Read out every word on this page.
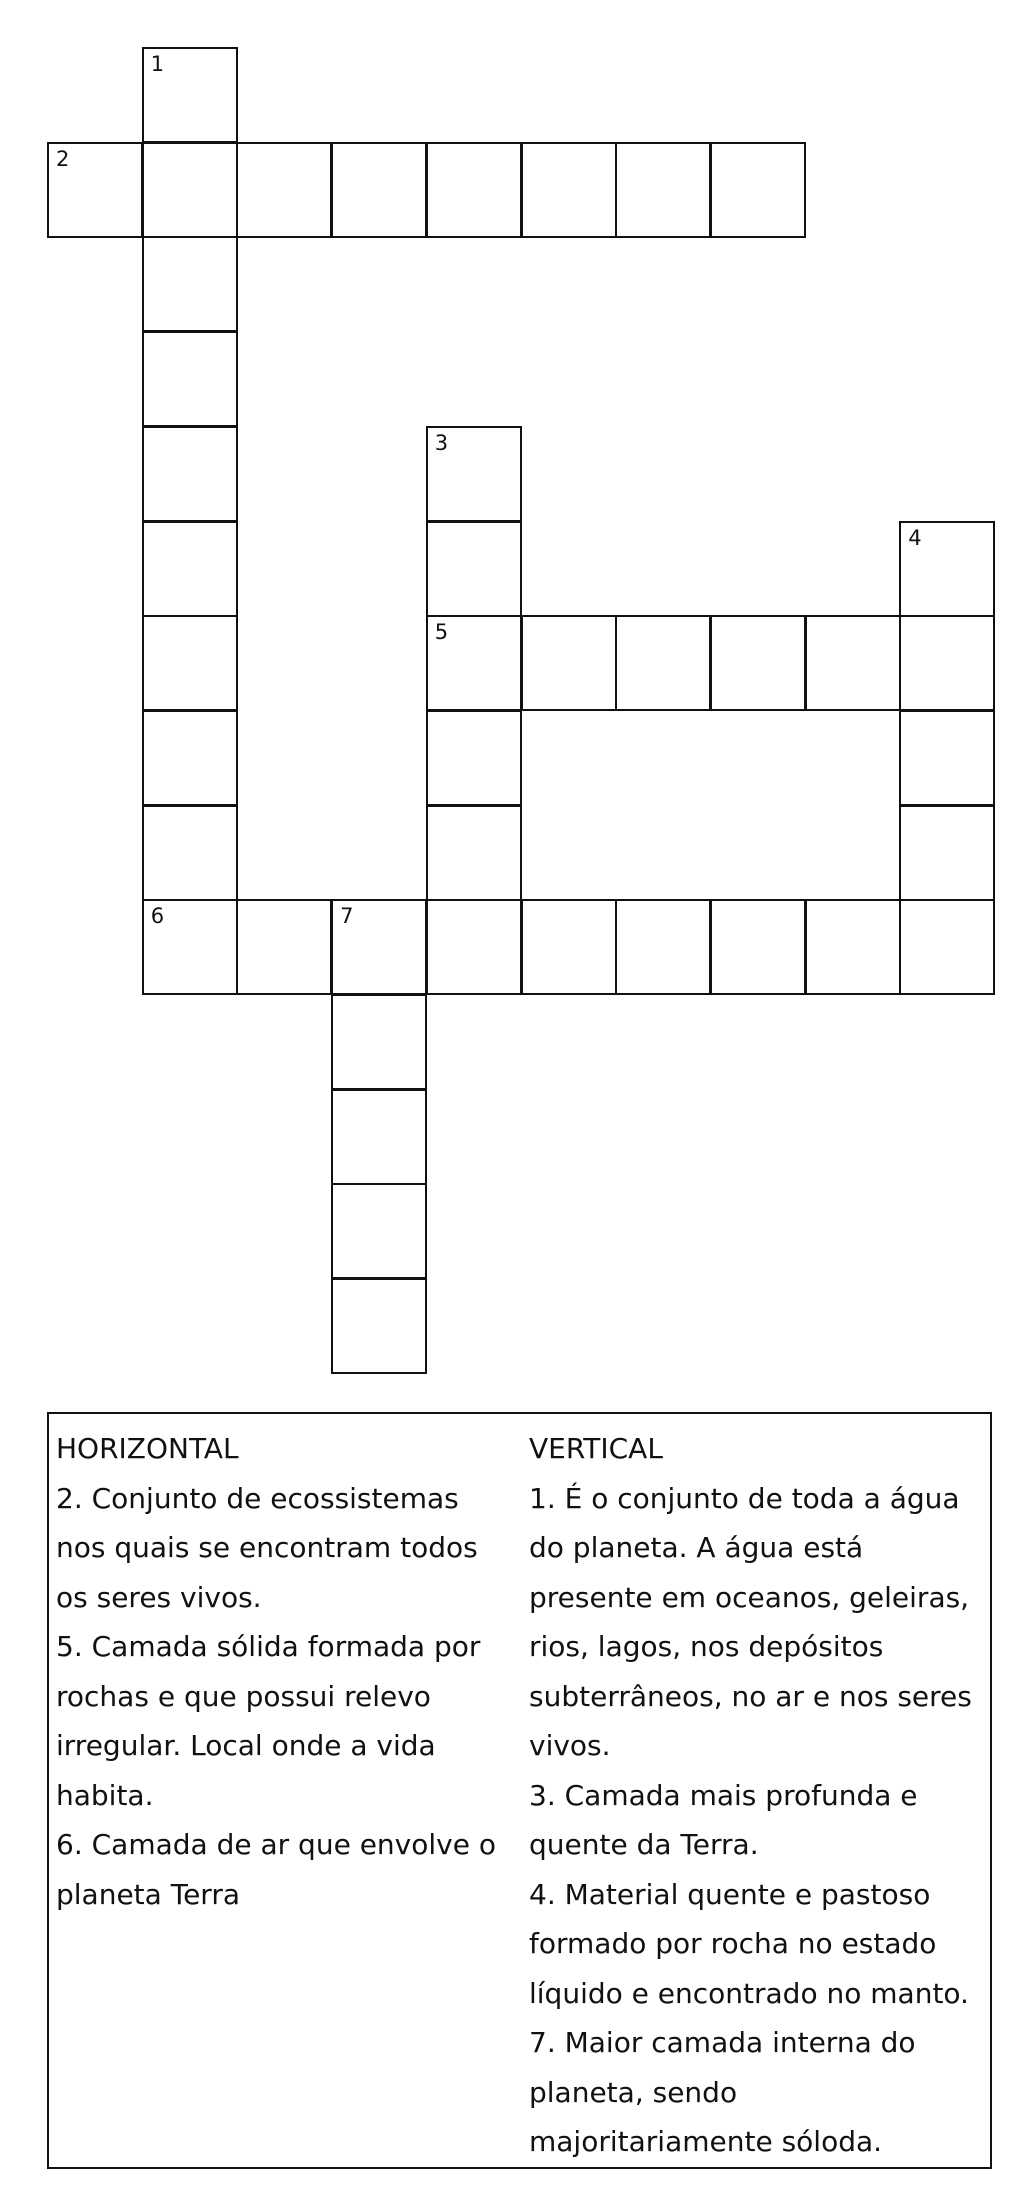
1
2
3
4
5
6	7

HORIZONTAL

2. Conjunto de ecossistemas nos quais se encontram todos os seres vivos.

5. Camada sólida formada por rochas e que possui relevo irregular. Local onde a vida habita.

6. Camada de ar que envolve o planeta Terra

VERTICAL

1. É o conjunto de toda a água do planeta. A água está presente em oceanos, geleiras, rios, lagos, nos depósitos subterrâneos, no ar e nos seres vivos.

3. Camada mais profunda e quente da Terra.

4. Material quente e pastoso formado por rocha no estado líquido e encontrado no manto.

7. Maior camada interna do planeta, sendo majoritariamente sóloda.
